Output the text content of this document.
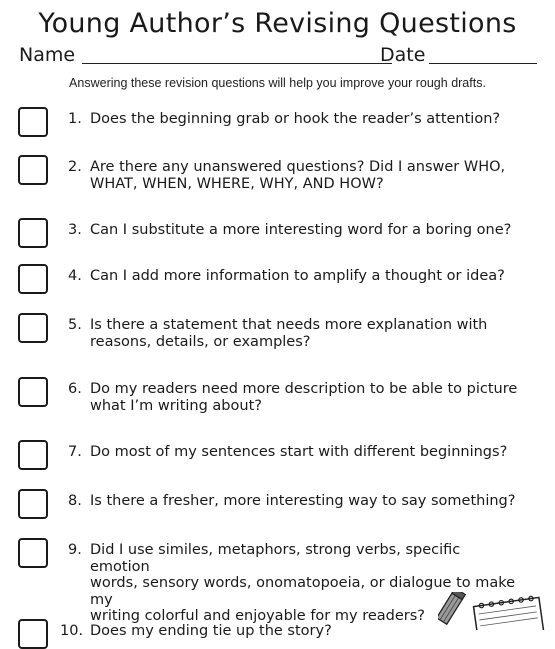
Young Author’s Revising Questions
Name	Date
Answering these revision questions will help you improve your rough drafts.
1. Does the beginning grab or hook the reader’s attention?
2. Are there any unanswered questions? Did I answer WHO,
WHAT, WHEN, WHERE, WHY, AND HOW?
3. Can I substitute a more interesting word for a boring one?
4. Can I add more information to amplify a thought or idea?
5. Is there a statement that needs more explanation with
reasons, details, or examples?
6. Do my readers need more description to be able to picture
what I’m writing about?
7. Do most of my sentences start with different beginnings?
8. Is there a fresher, more interesting way to say something?
9. Did I use similes, metaphors, strong verbs, specific emotion
words, sensory words, onomatopoeia, or dialogue to make my
writing colorful and enjoyable for my readers?
10. Does my ending tie up the story?
